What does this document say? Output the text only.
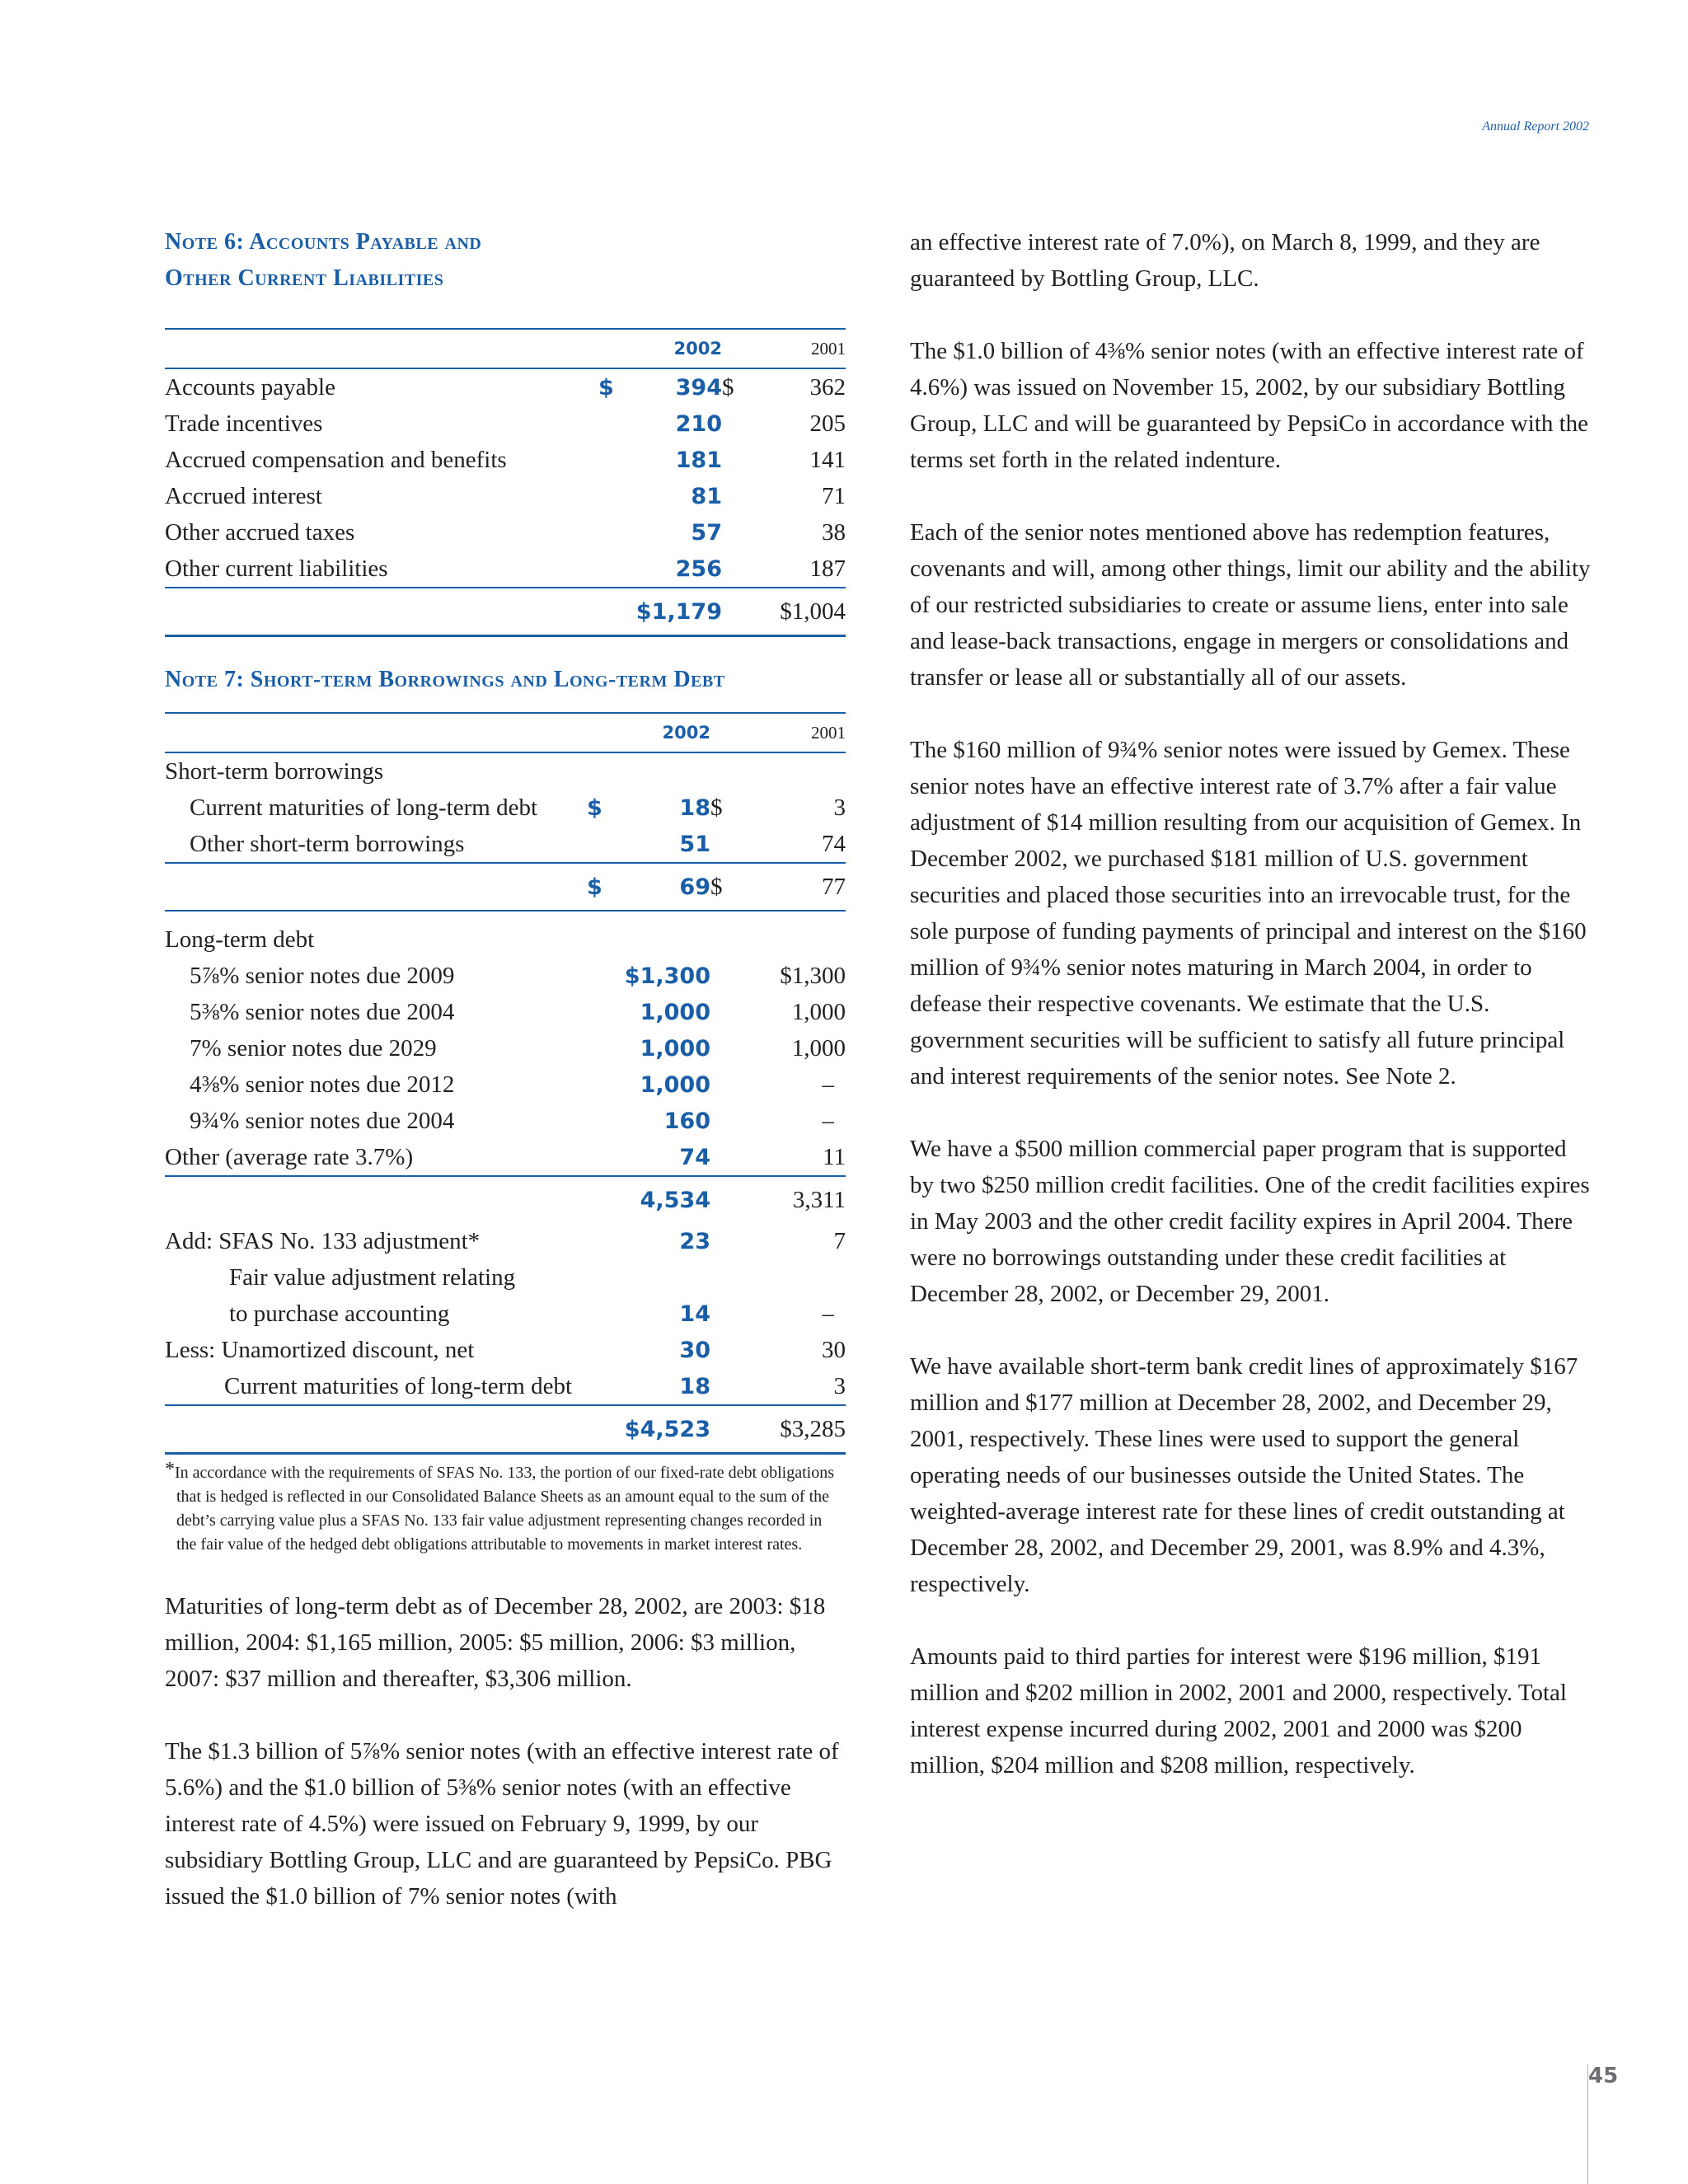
Annual Report 2002
Note 6: Accounts Payable and
Other Current Liabilities
		2002		2001
Accounts payable	$	394	$	362
Trade incentives		210		205
Accrued compensation and benefits		181		141
Accrued interest		81		71
Other accrued taxes		57		38
Other current liabilities		256		187
		$1,179		$1,004
Note 7: Short-term Borrowings and Long-term Debt
		2002		2001
Short-term borrowings				
Current maturities of long-term debt	$	18	$	3
Other short-term borrowings		51		74
	$	69	$	77
Long-term debt				
5⅞% senior notes due 2009	$1,300		$1,300	
5⅜% senior notes due 2004		1,000		1,000
7% senior notes due 2029		1,000		1,000
4⅜% senior notes due 2012		1,000		–
9¾% senior notes due 2004		160		–
Other (average rate 3.7%)		74		11
		4,534		3,311
Add: SFAS No. 133 adjustment*		23		7
Fair value adjustment relating				
to purchase accounting		14		–
Less: Unamortized discount, net		30		30
Current maturities of long-term debt		18		3
		$4,523		$3,285

*In accordance with the requirements of SFAS No. 133, the portion of our fixed-rate debt obligations that is hedged is reflected in our Consolidated Balance Sheets as an amount equal to the sum of the debt’s carrying value plus a SFAS No. 133 fair value adjustment representing changes recorded in the fair value of the hedged debt obligations attributable to movements in market interest rates.

Maturities of long-term debt as of December 28, 2002, are 2003: $18 million, 2004: $1,165 million, 2005: $5 million, 2006: $3 million, 2007: $37 million and thereafter, $3,306 million.

The $1.3 billion of 5⅞% senior notes (with an effective interest rate of 5.6%) and the $1.0 billion of 5⅜% senior notes (with an effective interest rate of 4.5%) were issued on February 9, 1999, by our subsidiary Bottling Group, LLC and are guaranteed by PepsiCo. PBG issued the $1.0 billion of 7% senior notes (with

an effective interest rate of 7.0%), on March 8, 1999, and they are guaranteed by Bottling Group, LLC.

The $1.0 billion of 4⅜% senior notes (with an effective interest rate of 4.6%) was issued on November 15, 2002, by our subsidiary Bottling Group, LLC and will be guaranteed by PepsiCo in accordance with the terms set forth in the related indenture.

Each of the senior notes mentioned above has redemption features, covenants and will, among other things, limit our ability and the ability of our restricted subsidiaries to create or assume liens, enter into sale and lease-back transactions, engage in mergers or consolidations and transfer or lease all or substantially all of our assets.

The $160 million of 9¾% senior notes were issued by Gemex. These senior notes have an effective interest rate of 3.7% after a fair value adjustment of $14 million resulting from our acquisition of Gemex. In December 2002, we purchased $181 million of U.S. government securities and placed those securities into an irrevocable trust, for the sole purpose of funding payments of principal and interest on the $160 million of 9¾% senior notes maturing in March 2004, in order to defease their respective covenants. We estimate that the U.S. government securities will be sufficient to satisfy all future principal and interest requirements of the senior notes. See Note 2.

We have a $500 million commercial paper program that is supported by two $250 million credit facilities. One of the credit facilities expires in May 2003 and the other credit facility expires in April 2004. There were no borrowings outstanding under these credit facilities at December 28, 2002, or December 29, 2001.

We have available short-term bank credit lines of approximately $167 million and $177 million at December 28, 2002, and December 29, 2001, respectively. These lines were used to support the general operating needs of our businesses outside the United States. The weighted-average interest rate for these lines of credit outstanding at December 28, 2002, and December 29, 2001, was 8.9% and 4.3%, respectively.

Amounts paid to third parties for interest were $196 million, $191 million and $202 million in 2002, 2001 and 2000, respectively. Total interest expense incurred during 2002, 2001 and 2000 was $200 million, $204 million and $208 million, respectively.

45
